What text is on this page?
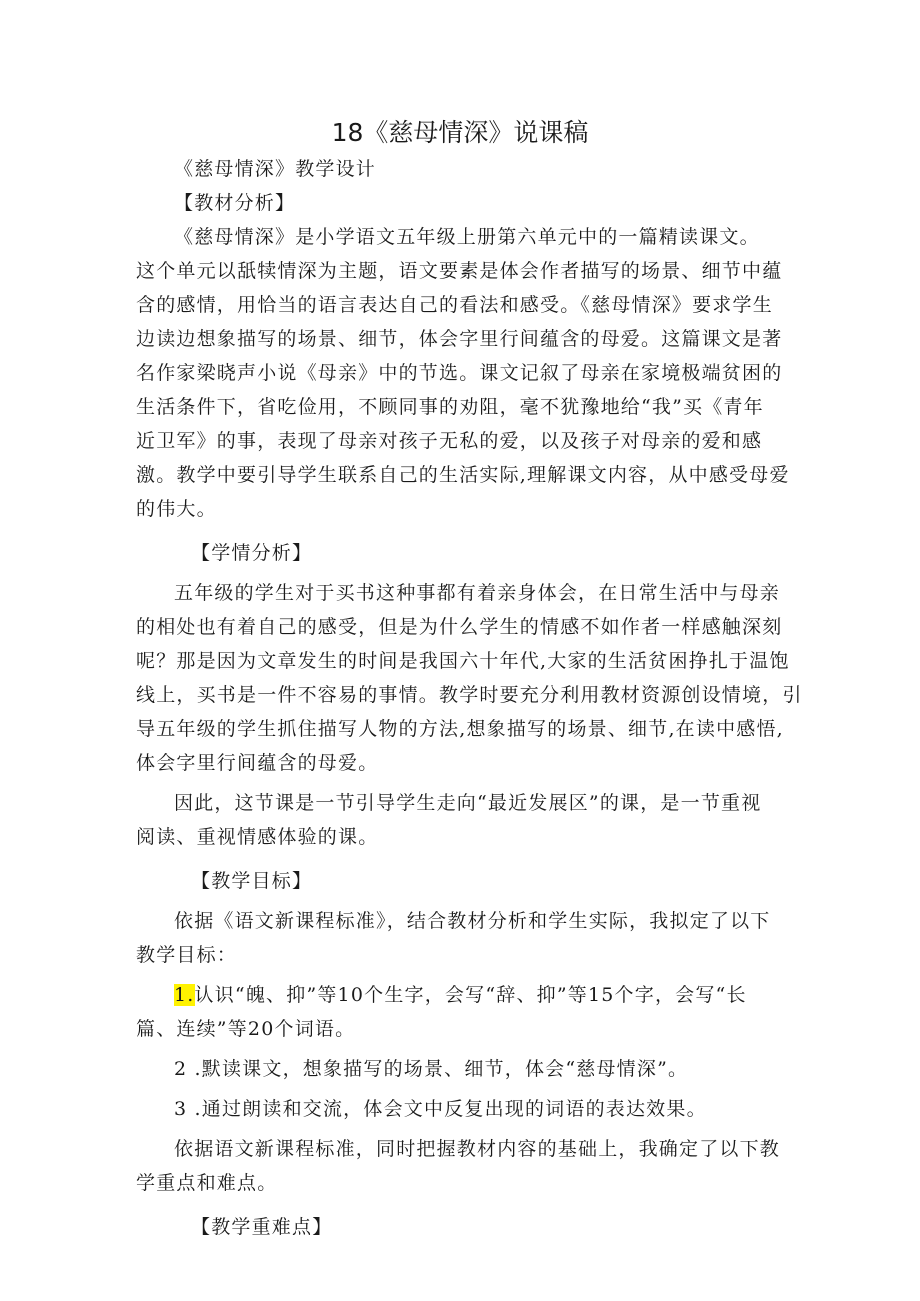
18《慈母情深》说课稿
《慈母情深》教学设计
【教材分析】
《慈母情深》是小学语文五年级上册第六单元中的一篇精读课文。
这个单元以舐犊情深为主题，语文要素是体会作者描写的场景、细节中蕴
含的感情，用恰当的语言表达自己的看法和感受。《慈母情深》要求学生
边读边想象描写的场景、细节，体会字里行间蕴含的母爱。这篇课文是著
名作家梁晓声小说《母亲》中的节选。课文记叙了母亲在家境极端贫困的
生活条件下，省吃俭用，不顾同事的劝阻，毫不犹豫地给“我”买《青年
近卫军》的事，表现了母亲对孩子无私的爱，以及孩子对母亲的爱和感
激。教学中要引导学生联系自己的生活实际,理解课文内容，从中感受母爱
的伟大。
【学情分析】
五年级的学生对于买书这种事都有着亲身体会，在日常生活中与母亲
的相处也有着自己的感受，但是为什么学生的情感不如作者一样感触深刻
呢？那是因为文章发生的时间是我国六十年代,大家的生活贫困挣扎于温饱
线上，买书是一件不容易的事情。教学时要充分利用教材资源创设情境，引
导五年级的学生抓住描写人物的方法,想象描写的场景、细节,在读中感悟,
体会字里行间蕴含的母爱。
因此，这节课是一节引导学生走向“最近发展区”的课，是一节重视
阅读、重视情感体验的课。
【教学目标】
依据《语文新课程标准》，结合教材分析和学生实际，我拟定了以下
教学目标：
1.认识“魄、抑”等10个生字，会写“辞、抑”等15个字，会写“长
篇、连续”等20个词语。
2 .默读课文，想象描写的场景、细节，体会“慈母情深”。
3 .通过朗读和交流，体会文中反复出现的词语的表达效果。
依据语文新课程标准，同时把握教材内容的基础上，我确定了以下教
学重点和难点。
【教学重难点】
